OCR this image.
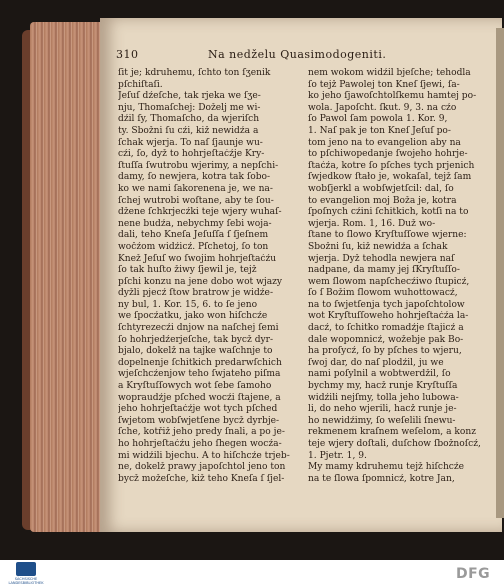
310	Na nedželu Quasimodogeniti.
ſit je; kdruhemu, ſchto ton ſʒenik
pſchiſtaſi.
Jeſuſ dźeſche, tak rjeka we ſʒe-
nju, Thomaſchej: Doželj me wi-
dźil ſy, Thomaſcho, da wjeriſch
ty. Sbožni ſu cźi, kiž newidźa a
ſchak wjerja. To naſ ſjaunje wu-
cźi, ſo, dyž to hohrjeſtaćźje Kry-
ſtuſſa ſwutrobu wjerimy, a nepſchi-
damy, ſo newjera, kotra tak ſobo-
ko we nami ſakorenena je, we na-
ſchej wutrobi woſtane, aby te ſou-
džene ſchkrjecźki teje wjery wuhaſ-
nene budźa, nebychmy ſebi woja-
dali, teho Kneſa Jeſuſſa ſ ſjeſnem
wočźom widźicź. Pſchetoj, ſo ton
Knež Jeſuſ wo ſwojim hohrjeſtaćźu
ſo tak huſto žiwy ſjewil je, tejž
pſchi konzu na jene dobo wot wjazy
dyžli pjecź ſtow bratrow je widźe-
ny bul, 1. Kor. 15, 6. to ſe jeno
we ſpocźatku, jako won hiſchcźe
ſchtyrezecźi dnjow na naſchej ſemi
ſo hohrjedźerjeſche, tak bycž dyr-
bjalo, dokelž na tajke waſchnje to
dopelnenje ſchitkich predarwſchich
wjeſchcźenjow teho ſwjateho piſma
a Kryſtuſſowych wot ſebe ſamoho
wopraudźje pſched wocźi ſtajene, a
jeho hohrjeſtaćźje wot tych pſched
ſwjetom wobſwjetſene bycž dyrbje-
ſche, kotřiž jeho predy ſnali, a po je-
ho hohrjeſtaćźu jeho ſhegen wocźa-
mi widźili bjechu. A to hiſchcźe trjeb-
ne, dokelž prawy japoſchtol jeno ton
bycž možeſche, kiž teho Kneſa ſ ſjel-
nem wokom widźil bjeſche; tehodla
ſo tejž Pawolej ton Kneſ ſjewi, ſa-
ko jeho ſjawoſchtolſkemu hamtej po-
wola. Japoſcht. ſkut. 9, 3. na cźo
ſo Pawol ſam powola 1. Kor. 9,
1. Naſ pak je ton Kneſ Jeſuſ po-
tom jeno na to evangelion aby na
to pſchiwopedanje ſwojeho hohrje-
ſtaćźa, kotre ſo pſches tych prjenich
ſwjedkow ſtało je, wokaſal, tejž ſam
wobſjerkl a wobſwjetſcil: dal, ſo
to evangelion moj Boža je, kotra
ſpoſnych cźini ſchitkich, kotſi na to
wjerja. Rom. 1, 16. Duž wo-
ſtane to ſlowo Kryſtuſſowe wjerne:
Sbožni ſu, kiž newidźa a ſchak
wjerja. Dyž tehodla newjera naſ
nadpane, da mamy jej ſKryſtuſſo-
wem ſlowom napſchecźiwo ſtupicź,
ſo ſ Božim ſlowom wuhottowacź,
na to ſwjetſenja tych japoſchtolow
wot Kryſtuſſoweho hohrjeſtaćźa la-
dacź, to ſchitko romadźje ſtajicź a
dale wopomnicź, wožebje pak Bo-
ha proſycź, ſo by pſches to wjeru,
ſwoj dar, do naſ plodźil, ju we
nami poſylnil a wobtwerdžil, ſo
bychmy my, hacž runje Kryſtuſſa
widźili nejſmy, tolla jeho lubowa-
li, do neho wjerili, hacž runje je-
ho newidźimy, ſo weſelili ſnewu-
rekmenem kraſnem weſelom, a konz
teje wjery doſtali, duſchow ſbožnoſcź,
1. Pjetr. 1, 9.
My mamy kdruhemu tejž hiſchcźe
na te ſlowa ſpomnicź, kotre Jan,
SÄCHSISCHE LANDESBIBLIOTHEK
DFG
